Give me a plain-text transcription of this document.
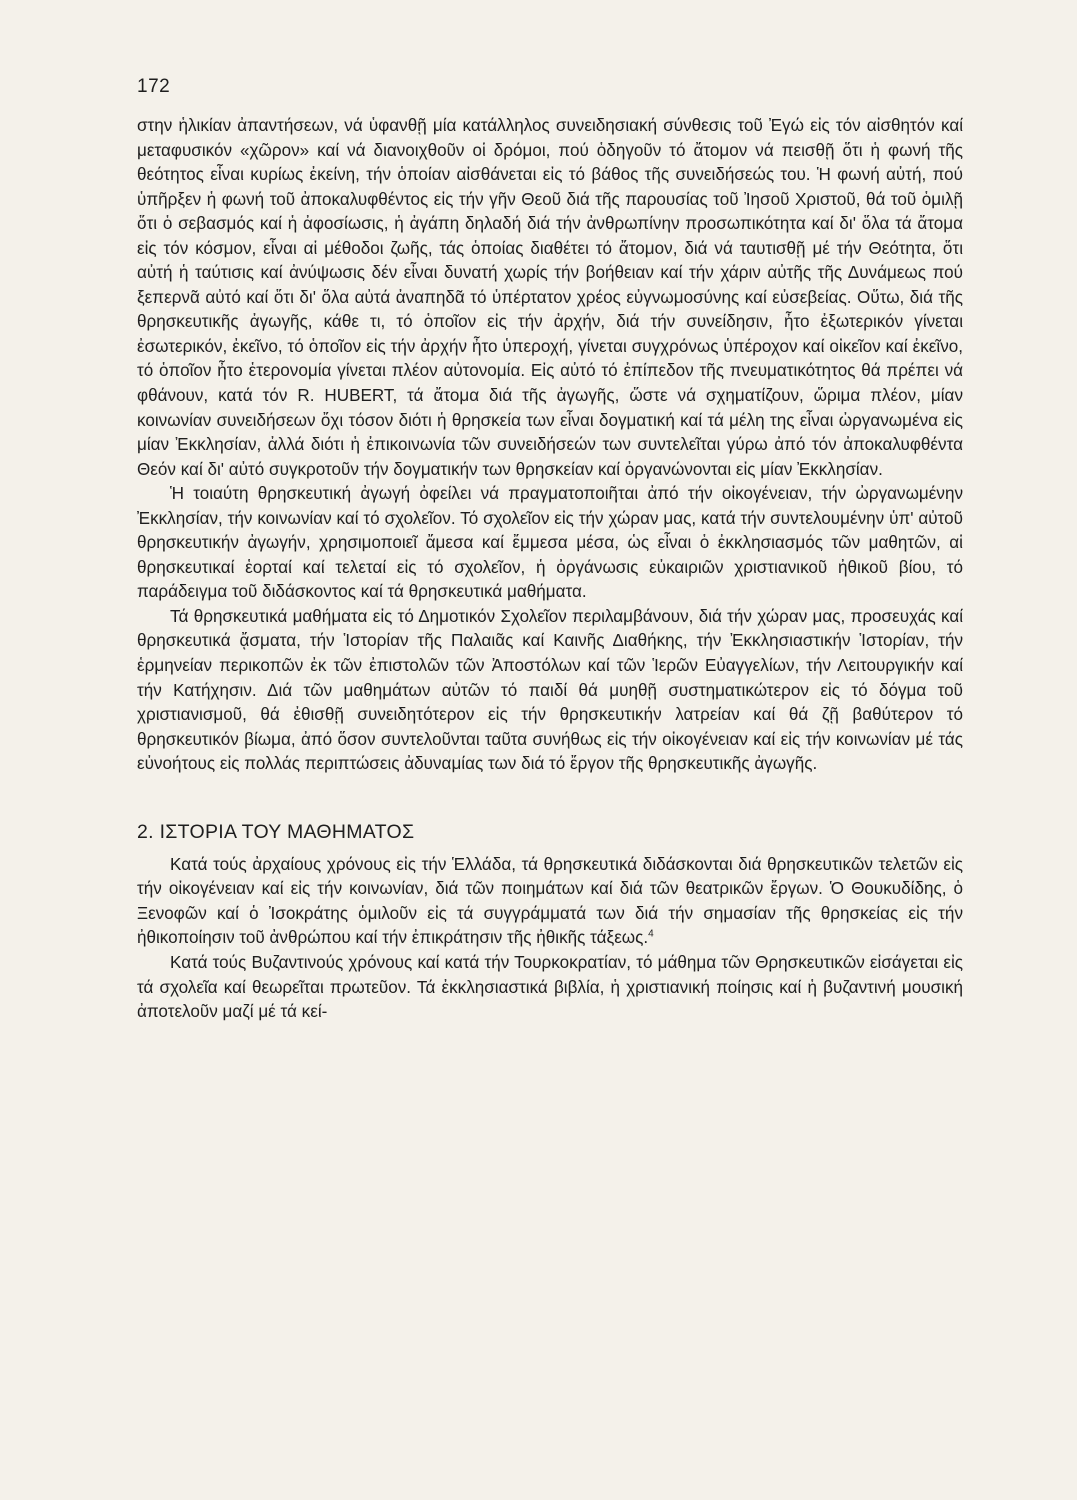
172

στην ἡλικίαν ἀπαντήσεων, νά ὑφανθῇ μία κατάλληλος συνειδησιακή σύνθεσις τοῦ Ἐγώ εἰς τόν αἰσθητόν καί μεταφυσικόν «χῶρον» καί νά διανοιχθοῦν οἱ δρόμοι, πού ὁδηγοῦν τό ἄτομον νά πεισθῇ ὅτι ἡ φωνή τῆς θεότητος εἶναι κυρίως ἐκείνη, τήν ὁποίαν αἰσθάνεται εἰς τό βάθος τῆς συνειδήσεώς του. Ἡ φωνή αὐτή, πού ὑπῆρξεν ἡ φωνή τοῦ ἀποκαλυφθέντος εἰς τήν γῆν Θεοῦ διά τῆς παρουσίας τοῦ Ἰησοῦ Χριστοῦ, θά τοῦ ὁμιλῇ ὅτι ὁ σεβασμός καί ἡ ἀφοσίωσις, ἡ ἀγάπη δηλαδή διά τήν ἀνθρωπίνην προσωπικότητα καί δι' ὅλα τά ἄτομα εἰς τόν κόσμον, εἶναι αἱ μέθοδοι ζωῆς, τάς ὁποίας διαθέτει τό ἄτομον, διά νά ταυτισθῇ μέ τήν Θεότητα, ὅτι αὐτή ἡ ταύτισις καί ἀνύψωσις δέν εἶναι δυνατή χωρίς τήν βοήθειαν καί τήν χάριν αὐτῆς τῆς Δυνάμεως πού ξεπερνᾶ αὐτό καί ὅτι δι' ὅλα αὐτά ἀναπηδᾶ τό ὑπέρτατον χρέος εὐγνωμοσύνης καί εὐσεβείας. Οὕτω, διά τῆς θρησκευτικῆς ἀγωγῆς, κάθε τι, τό ὁποῖον εἰς τήν ἀρχήν, διά τήν συνείδησιν, ἦτο ἐξωτερικόν γίνεται ἐσωτερικόν, ἐκεῖνο, τό ὁποῖον εἰς τήν ἀρχήν ἦτο ὑπεροχή, γίνεται συγχρόνως ὑπέροχον καί οἰκεῖον καί ἐκεῖνο, τό ὁποῖον ἦτο ἑτερονομία γίνεται πλέον αὐτονομία. Εἰς αὐτό τό ἐπίπεδον τῆς πνευματικότητος θά πρέπει νά φθάνουν, κατά τόν R. HUBERT, τά ἄτομα διά τῆς ἀγωγῆς, ὥστε νά σχηματίζουν, ὥριμα πλέον, μίαν κοινωνίαν συνειδήσεων ὄχι τόσον διότι ἡ θρησκεία των εἶναι δογματική καί τά μέλη της εἶναι ὠργανωμένα εἰς μίαν Ἐκκλησίαν, ἀλλά διότι ἡ ἐπικοινωνία τῶν συνειδήσεών των συντελεῖται γύρω ἀπό τόν ἀποκαλυφθέντα Θεόν καί δι' αὐτό συγκροτοῦν τήν δογματικήν των θρησκείαν καί ὀργανώνονται εἰς μίαν Ἐκκλησίαν.

Ἡ τοιαύτη θρησκευτική ἀγωγή ὀφείλει νά πραγματοποιῆται ἀπό τήν οἰκογένειαν, τήν ὠργανωμένην Ἐκκλησίαν, τήν κοινωνίαν καί τό σχολεῖον. Τό σχολεῖον εἰς τήν χώραν μας, κατά τήν συντελουμένην ὑπ' αὐτοῦ θρησκευτικήν ἀγωγήν, χρησιμοποιεῖ ἄμεσα καί ἔμμεσα μέσα, ὡς εἶναι ὁ ἐκκλησιασμός τῶν μαθητῶν, αἱ θρησκευτικαί ἑορταί καί τελεταί εἰς τό σχολεῖον, ἡ ὀργάνωσις εὐκαιριῶν χριστιανικοῦ ἠθικοῦ βίου, τό παράδειγμα τοῦ διδάσκοντος καί τά θρησκευτικά μαθήματα.

Τά θρησκευτικά μαθήματα εἰς τό Δημοτικόν Σχολεῖον περιλαμβάνουν, διά τήν χώραν μας, προσευχάς καί θρησκευτικά ᾄσματα, τήν Ἱστορίαν τῆς Παλαιᾶς καί Καινῆς Διαθήκης, τήν Ἐκκλησιαστικήν Ἱστορίαν, τήν ἑρμηνείαν περικοπῶν ἐκ τῶν ἐπιστολῶν τῶν Ἀποστόλων καί τῶν Ἱερῶν Εὐαγγελίων, τήν Λειτουργικήν καί τήν Κατήχησιν. Διά τῶν μαθημάτων αὐτῶν τό παιδί θά μυηθῇ συστηματικώτερον εἰς τό δόγμα τοῦ χριστιανισμοῦ, θά ἐθισθῇ συνειδητότερον εἰς τήν θρησκευτικήν λατρείαν καί θά ζῇ βαθύτερον τό θρησκευτικόν βίωμα, ἀπό ὅσον συντελοῦνται ταῦτα συνήθως εἰς τήν οἰκογένειαν καί εἰς τήν κοινωνίαν μέ τάς εὐνοήτους εἰς πολλάς περιπτώσεις ἀδυναμίας των διά τό ἔργον τῆς θρησκευτικῆς ἀγωγῆς.

2. ΙΣΤΟΡΙΑ ΤΟΥ ΜΑΘΗΜΑΤΟΣ

Κατά τούς ἀρχαίους χρόνους εἰς τήν Ἑλλάδα, τά θρησκευτικά διδάσκονται διά θρησκευτικῶν τελετῶν εἰς τήν οἰκογένειαν καί εἰς τήν κοινωνίαν, διά τῶν ποιημάτων καί διά τῶν θεατρικῶν ἔργων. Ὁ Θουκυδίδης, ὁ Ξενοφῶν καί ὁ Ἰσοκράτης ὁμιλοῦν εἰς τά συγγράμματά των διά τήν σημασίαν τῆς θρησκείας εἰς τήν ἠθικοποίησιν τοῦ ἀνθρώπου καί τήν ἐπικράτησιν τῆς ἠθικῆς τάξεως.$^4$

Κατά τούς Βυζαντινούς χρόνους καί κατά τήν Τουρκοκρατίαν, τό μάθημα τῶν Θρησκευτικῶν εἰσάγεται εἰς τά σχολεῖα καί θεωρεῖται πρωτεῦον. Τά ἐκκλησιαστικά βιβλία, ἡ χριστιανική ποίησις καί ἡ βυζαντινή μουσική ἀποτελοῦν μαζί μέ τά κεί-
